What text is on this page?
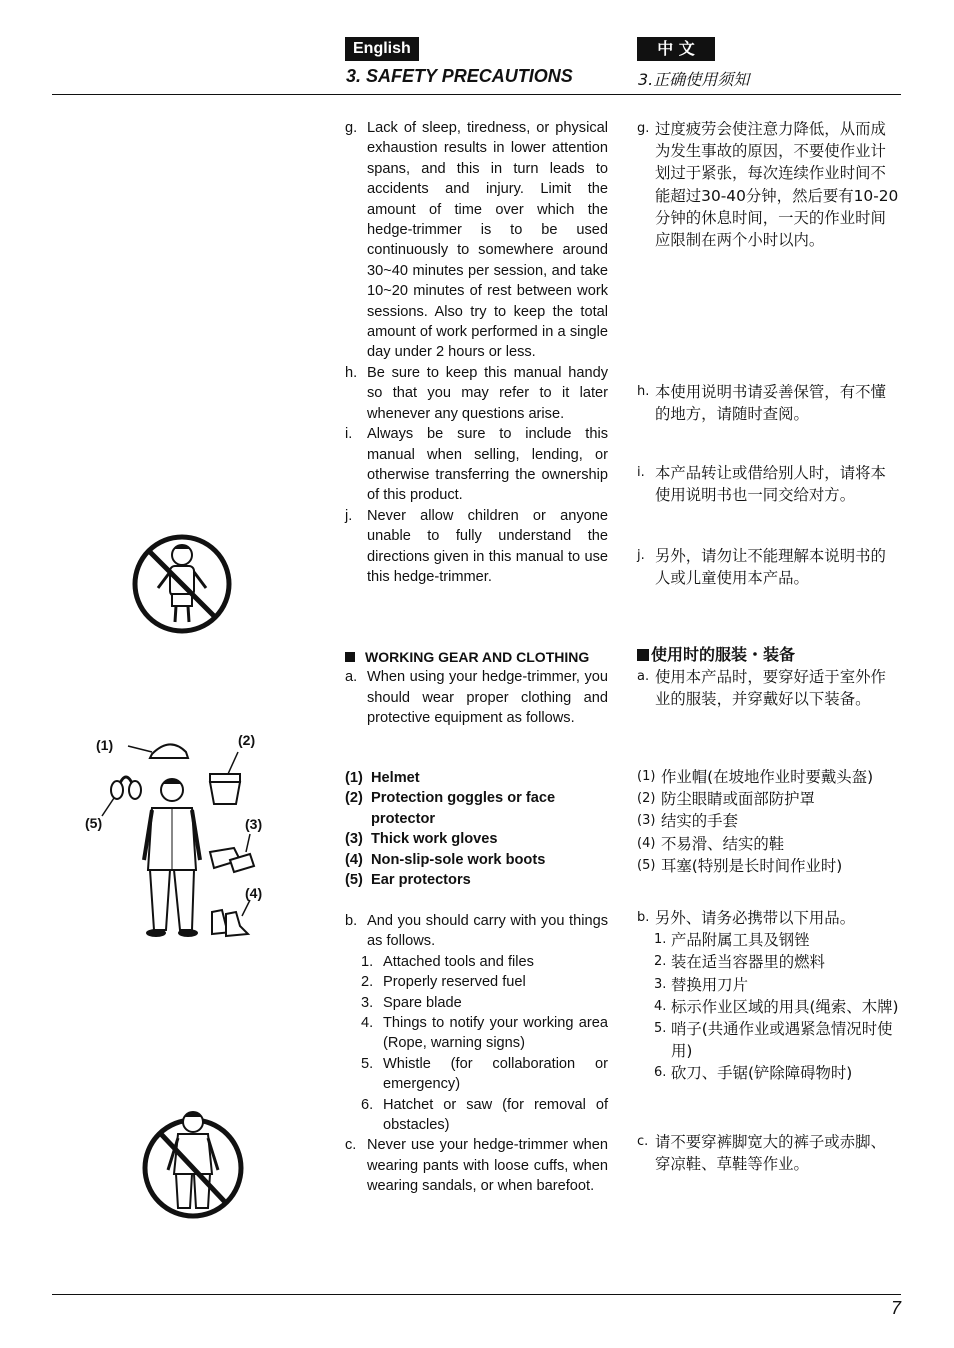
English	中 文
3. SAFETY PRECAUTIONS	3.正确使用须知
g. Lack of sleep, tiredness, or physical exhaustion results in lower attention spans, and this in turn leads to accidents and injury. Limit the amount of time over which the hedge-trimmer is to be used continuously to somewhere around 30~40 minutes per session, and take 10~20 minutes of rest between work sessions. Also try to keep the total amount of work performed in a single day under 2 hours or less.
h. Be sure to keep this manual handy so that you may refer to it later whenever any questions arise.
i. Always be sure to include this manual when selling, lending, or otherwise transferring the ownership of this product.
j. Never allow children or anyone unable to fully understand the directions given in this manual to use this hedge-trimmer.
WORKING GEAR AND CLOTHING
a. When using your hedge-trimmer, you should wear proper clothing and protective equipment as follows.
(1) Helmet
(2) Protection goggles or face protector
(3) Thick work gloves
(4) Non-slip-sole work boots
(5) Ear protectors
b. And you should carry with you things as follows.
1. Attached tools and files
2. Properly reserved fuel
3. Spare blade
4. Things to notify your working area (Rope, warning signs)
5. Whistle (for collaboration or emergency)
6. Hatchet or saw (for removal of obstacles)
c. Never use your hedge-trimmer when wearing pants with loose cuffs, when wearing sandals, or when barefoot.
g. 过度疲劳会使注意力降低，从而成为发生事故的原因，不要使作业计划过于紧张，每次连续作业时间不能超过30-40分钟，然后要有10-20分钟的休息时间，一天的作业时间应限制在两个小时以内。
h. 本使用说明书请妥善保管，有不懂的地方，请随时查阅。
i. 本产品转让或借给别人时，请将本使用说明书也一同交给对方。
j. 另外，请勿让不能理解本说明书的人或儿童使用本产品。
使用时的服装・装备
a. 使用本产品时，要穿好适于室外作业的服装，并穿戴好以下装备。
(1) 作业帽(在坡地作业时要戴头盔)
(2) 防尘眼睛或面部防护罩
(3) 结实的手套
(4) 不易滑、结实的鞋
(5) 耳塞(特别是长时间作业时)
b. 另外、请务必携带以下用品。
1. 产品附属工具及钢锉
2. 装在适当容器里的燃料
3. 替换用刀片
4. 标示作业区域的用具(绳索、木牌)
5. 哨子(共通作业或遇紧急情况时使用)
6. 砍刀、手锯(铲除障碍物时)
c. 请不要穿裤脚宽大的裤子或赤脚、穿凉鞋、草鞋等作业。
(1)	(2)
(3)
(4)
(5)
7
